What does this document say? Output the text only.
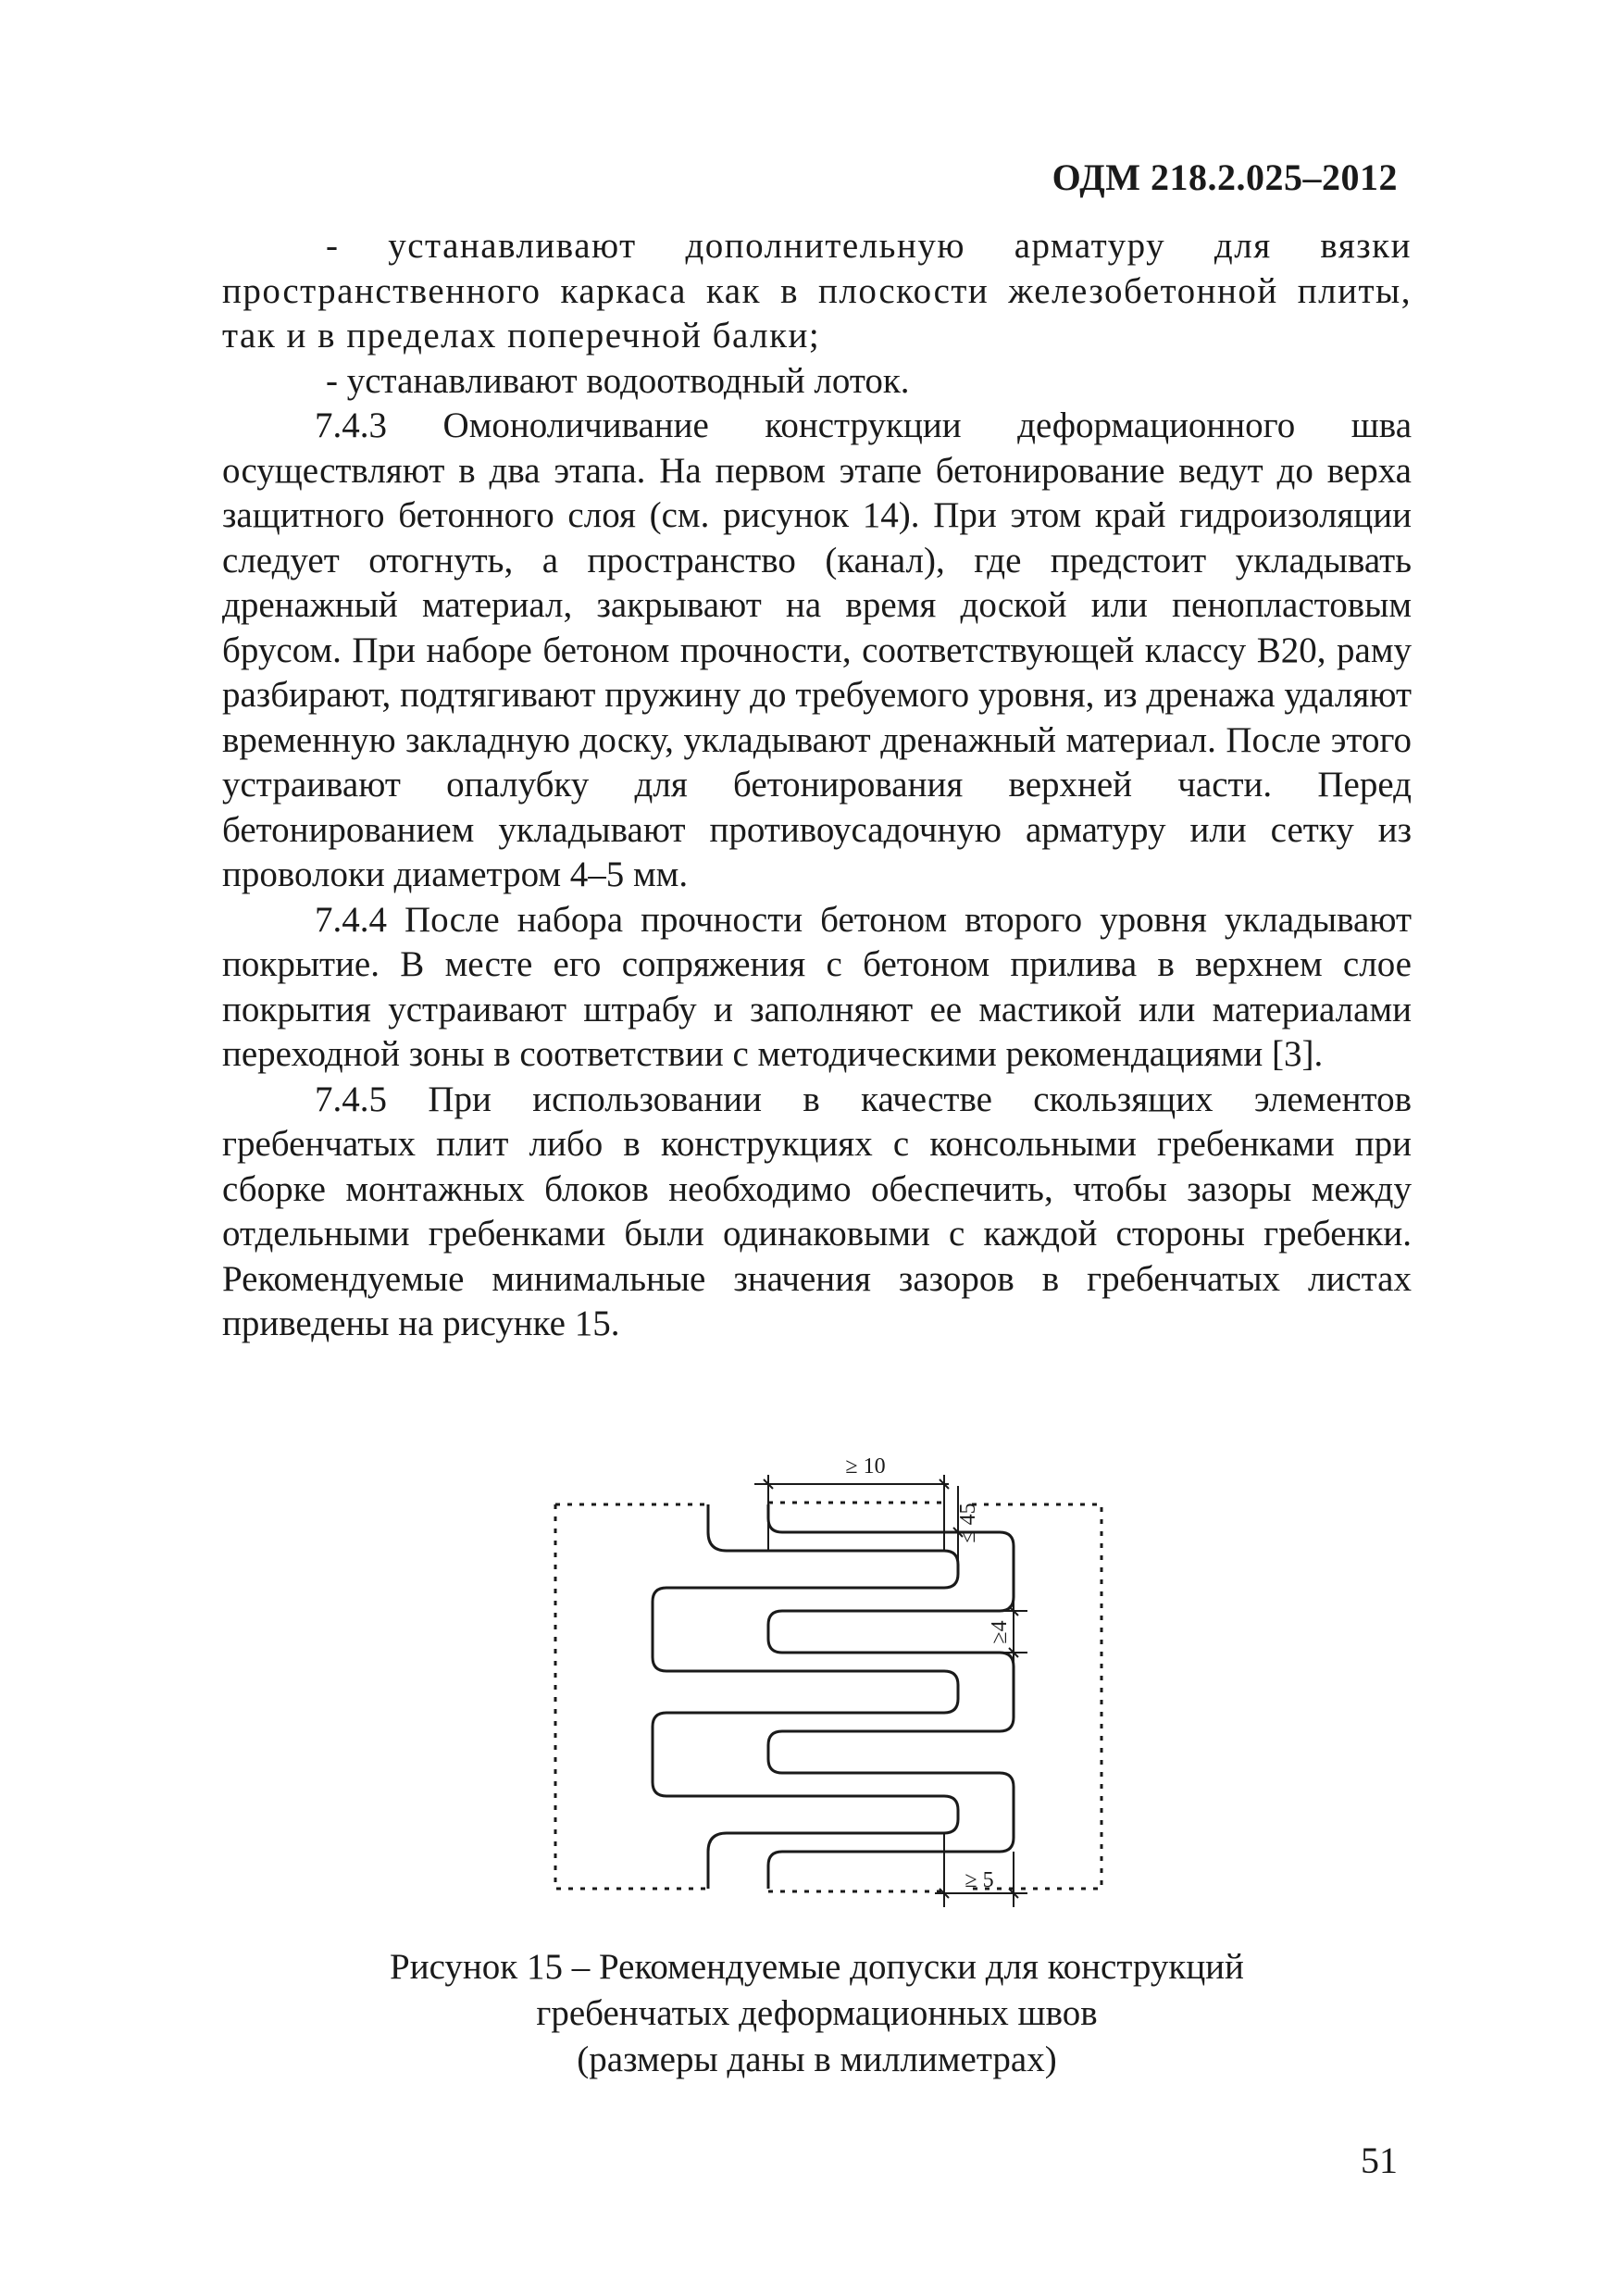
ОДМ 218.2.025–2012

- устанавливают дополнительную арматуру для вязки пространственного каркаса как в плоскости железобетонной плиты, так и в пределах поперечной балки;

- устанавливают водоотводный лоток.

7.4.3 Омоноличивание конструкции деформационного шва осуществляют в два этапа. На первом этапе бетонирование ведут до верха защитного бетонного слоя (см. рисунок 14). При этом край гидроизоляции следует отогнуть, а пространство (канал), где предстоит укладывать дренажный материал, закрывают на время доской или пенопластовым брусом. При наборе бетоном прочности, соответствующей классу В20, раму разбирают, подтягивают пружину до требуемого уровня, из дренажа удаляют временную закладную доску, укладывают дренажный материал. После этого устраивают опалубку для бетонирования верхней части. Перед бетонированием укладывают противоусадочную арматуру или сетку из проволоки диаметром 4–5 мм.

7.4.4 После набора прочности бетоном второго уровня укладывают покрытие. В месте его сопряжения с бетоном прилива в верхнем слое покрытия устраивают штрабу и заполняют ее мастикой или материалами переходной зоны в соответствии с методическими рекомендациями [3].

7.4.5 При использовании в качестве скользящих элементов гребенчатых плит либо в конструкциях с консольными гребенками при сборке монтажных блоков необходимо обеспечить, чтобы зазоры между отдельными гребенками были одинаковыми с каждой стороны гребенки. Рекомендуемые минимальные значения зазоров в гребенчатых листах приведены на рисунке 15.

≥ 10
≤ 45
≥4
≥ 5
Рисунок 15 – Рекомендуемые допуски для конструкций
гребенчатых деформационных швов
(размеры даны в миллиметрах)
51
